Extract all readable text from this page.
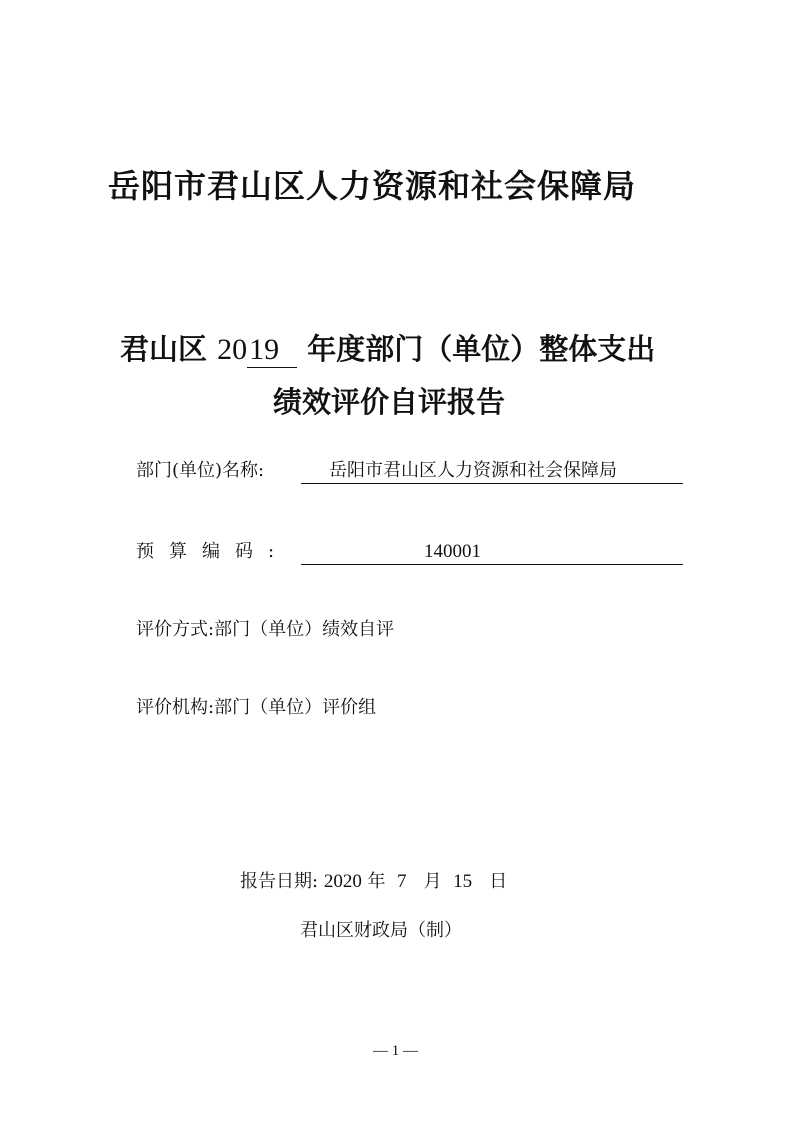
岳阳市君山区人力资源和社会保障局
君山区 2019 年度部门（单位）整体支出
绩效评价自评报告
部门(单位)名称:	岳阳市君山区人力资源和社会保障局
预算编码:	140001
评价方式:部门（单位）绩效自评
评价机构:部门（单位）评价组
报告日期: 2020 年 7 月 15 日
君山区财政局（制）
— 1 —
